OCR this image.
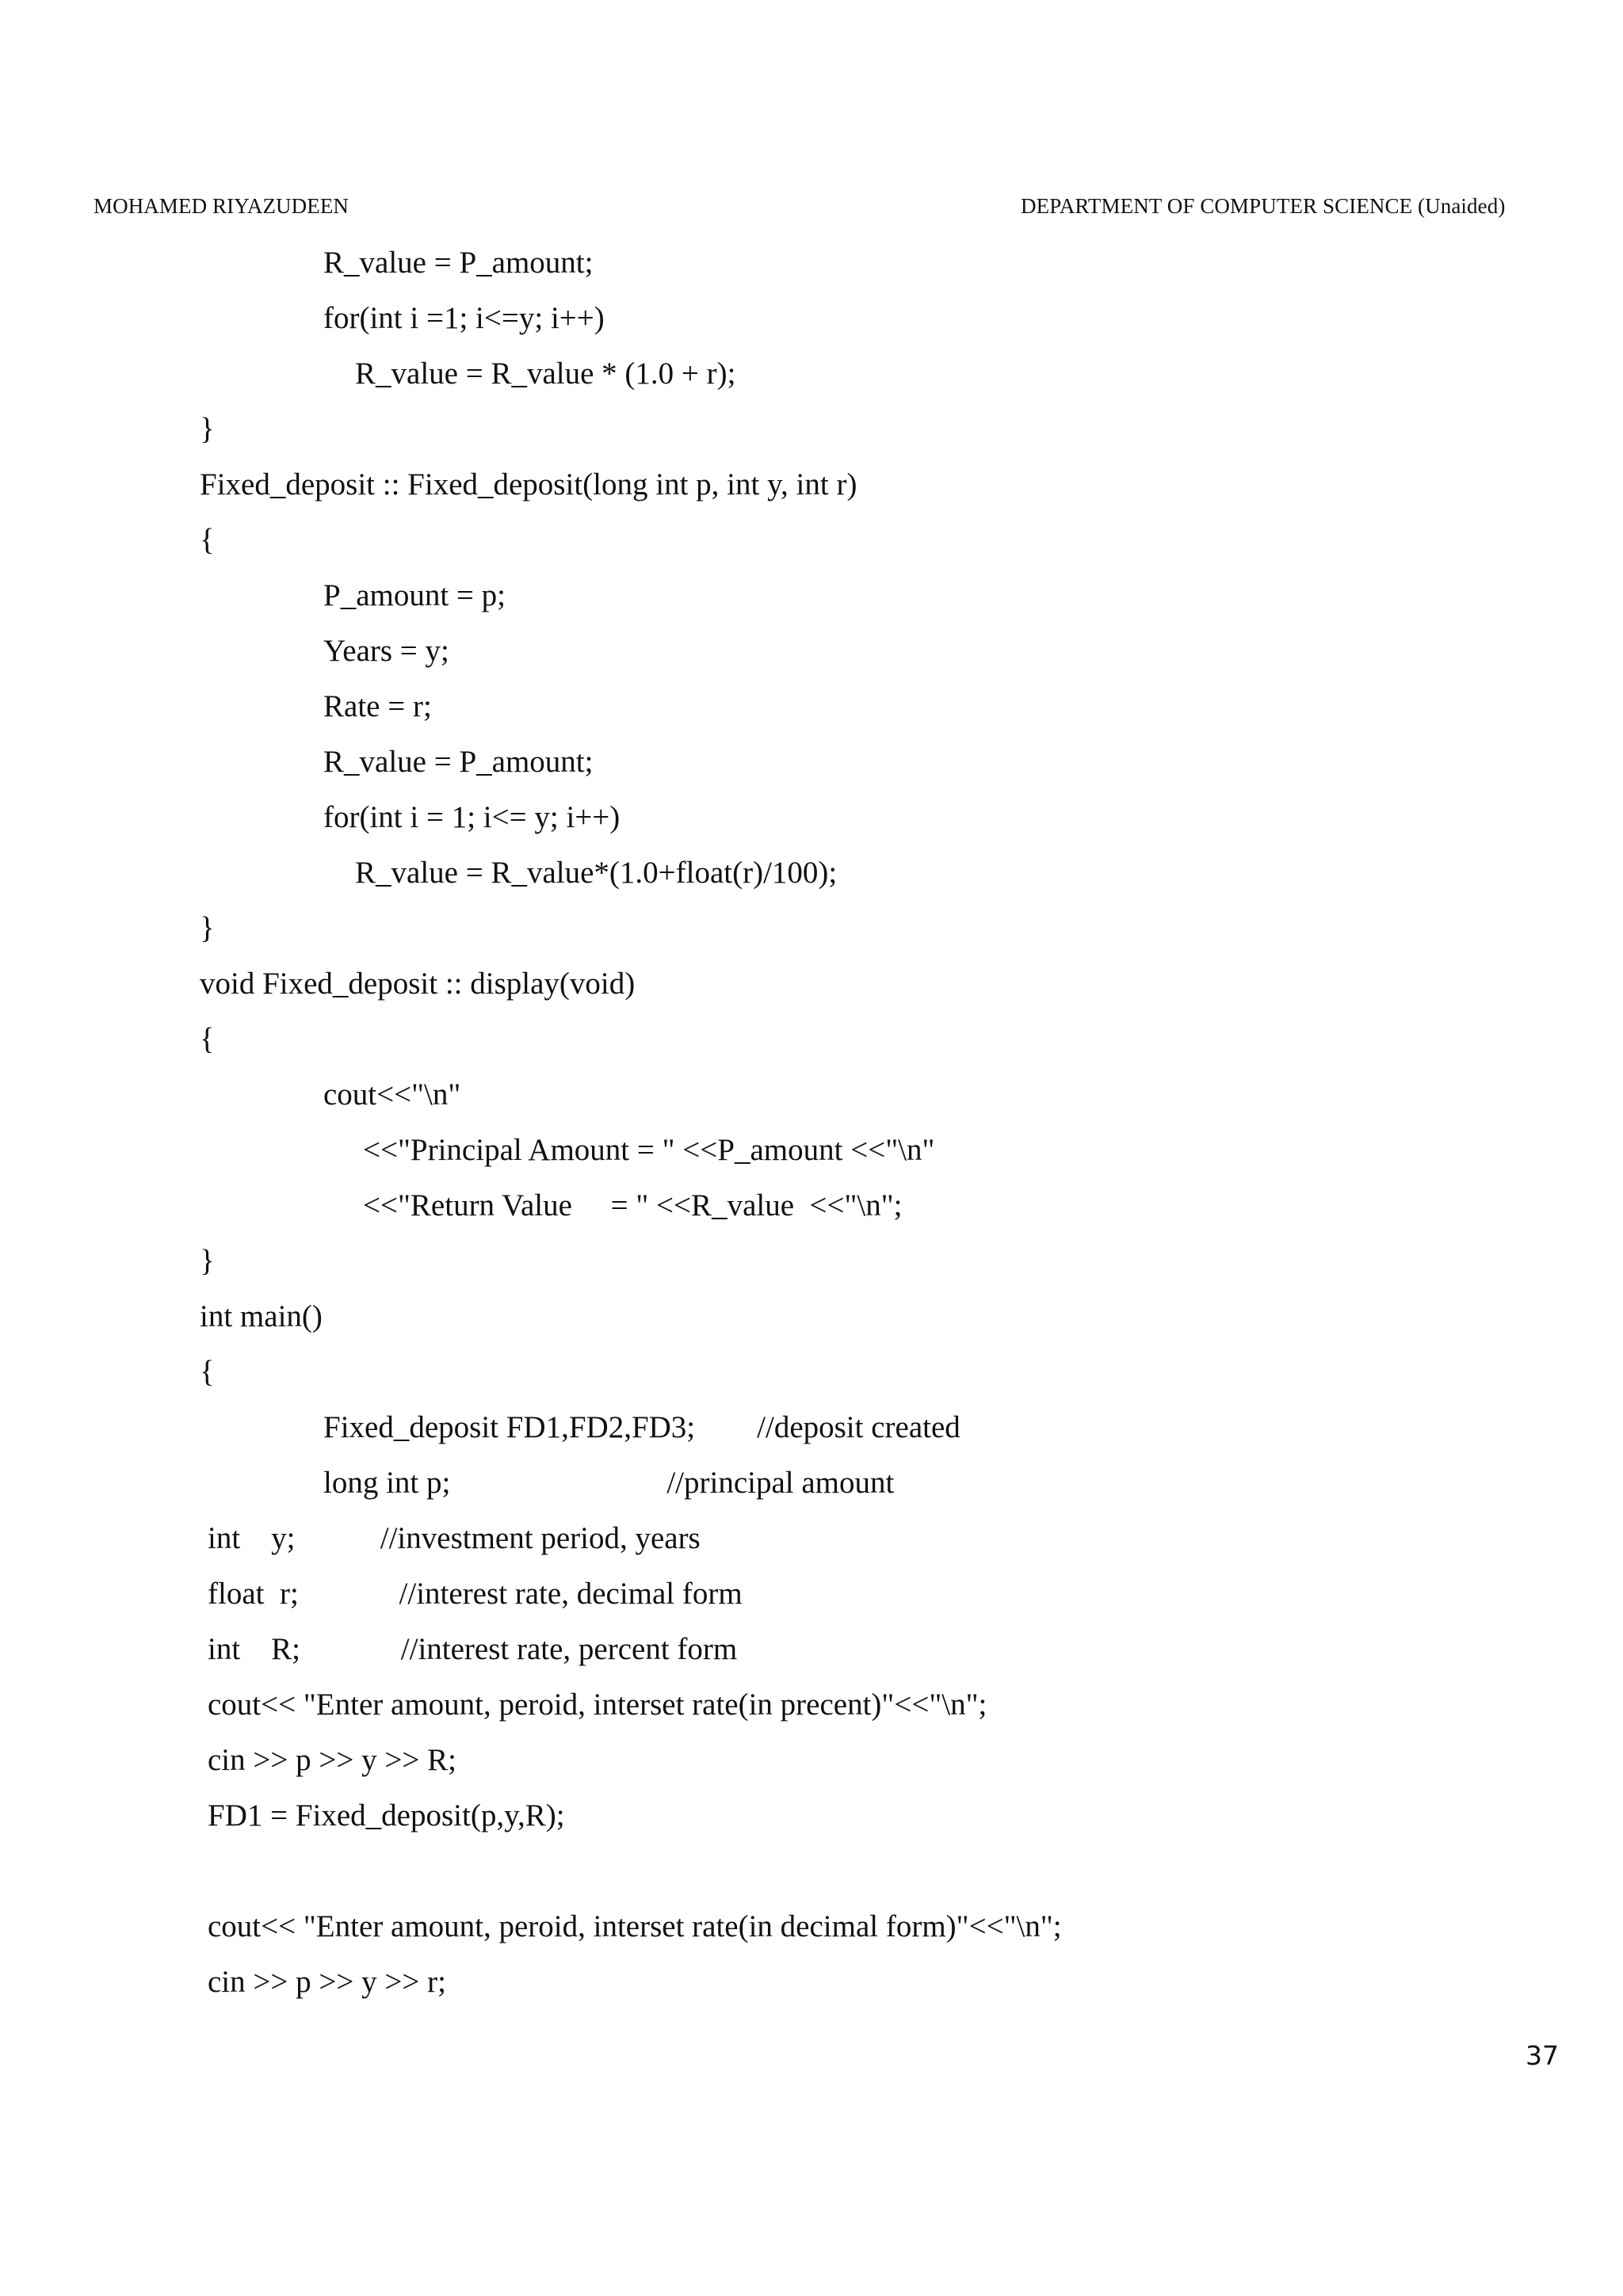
MOHAMED RIYAZUDEEN	DEPARTMENT OF COMPUTER SCIENCE (Unaided)
R_value = P_amount;
for(int i =1; i<=y; i++)
R_value = R_value * (1.0 + r);
}
Fixed_deposit :: Fixed_deposit(long int p, int y, int r)
{
P_amount = p;
Years = y;
Rate = r;
R_value = P_amount;
for(int i = 1; i<= y; i++)
R_value = R_value*(1.0+float(r)/100);
}
void Fixed_deposit :: display(void)
{
cout<<"\n"
<<"Principal Amount = " <<P_amount <<"\n"
<<"Return Value     = " <<R_value  <<"\n";
}
int main()
{
Fixed_deposit FD1,FD2,FD3;        //deposit created
long int p;                            //principal amount
int    y;           //investment period, years
float  r;             //interest rate, decimal form
int    R;             //interest rate, percent form
cout<< "Enter amount, peroid, interset rate(in precent)"<<"\n";
cin >> p >> y >> R;
FD1 = Fixed_deposit(p,y,R);
cout<< "Enter amount, peroid, interset rate(in decimal form)"<<"\n";
cin >> p >> y >> r;
37
